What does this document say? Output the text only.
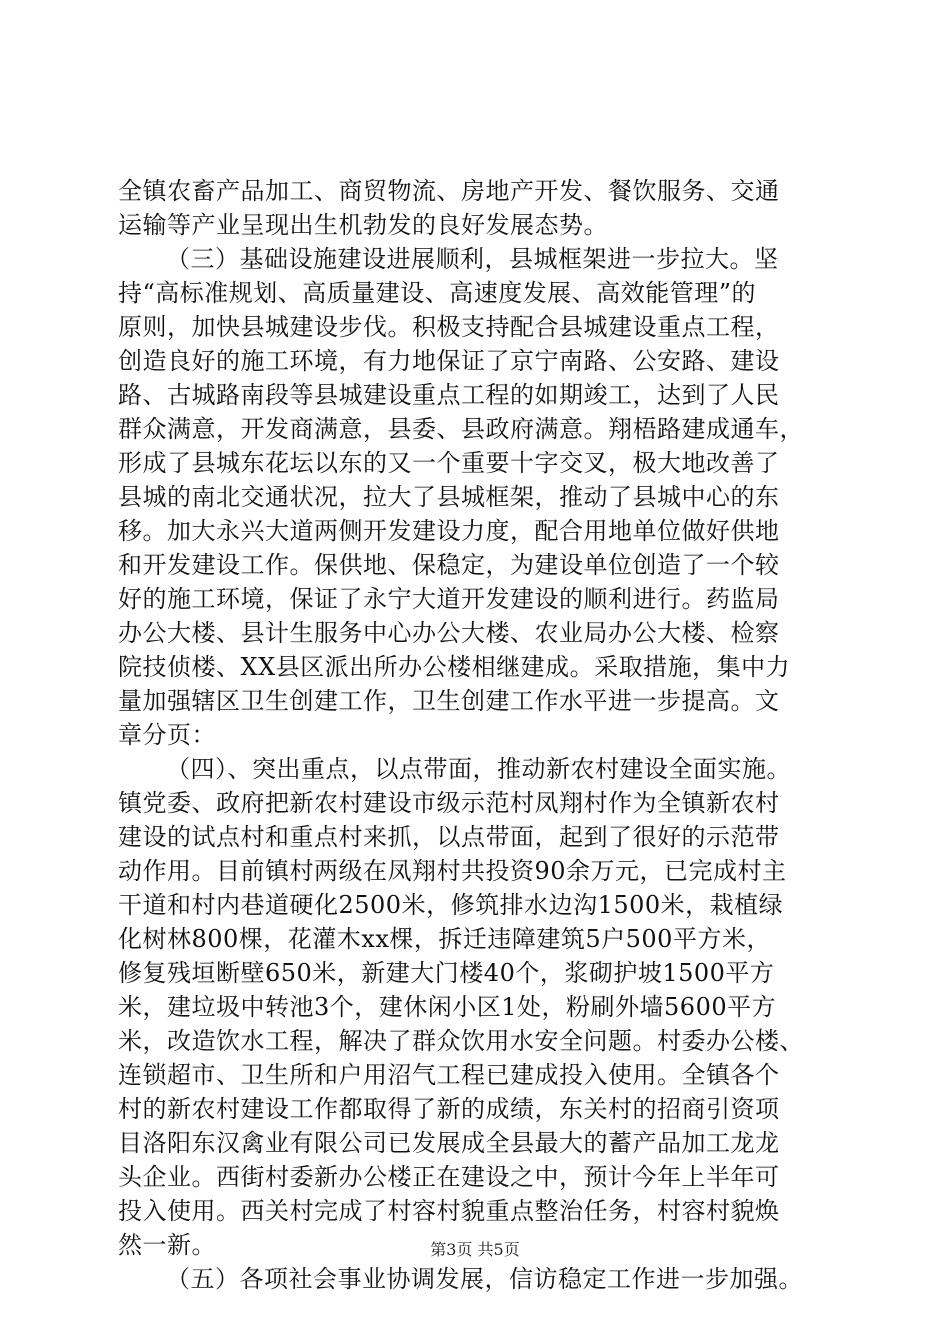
全镇农畜产品加工、商贸物流、房地产开发、餐饮服务、交通
运输等产业呈现出生机勃发的良好发展态势。
（三）基础设施建设进展顺利，县城框架进一步拉大。坚
持“高标准规划、高质量建设、高速度发展、高效能管理”的
原则，加快县城建设步伐。积极支持配合县城建设重点工程，
创造良好的施工环境，有力地保证了京宁南路、公安路、建设
路、古城路南段等县城建设重点工程的如期竣工，达到了人民
群众满意，开发商满意，县委、县政府满意。翔梧路建成通车，
形成了县城东花坛以东的又一个重要十字交叉，极大地改善了
县城的南北交通状况，拉大了县城框架，推动了县城中心的东
移。加大永兴大道两侧开发建设力度，配合用地单位做好供地
和开发建设工作。保供地、保稳定，为建设单位创造了一个较
好的施工环境，保证了永宁大道开发建设的顺利进行。药监局
办公大楼、县计生服务中心办公大楼、农业局办公大楼、检察
院技侦楼、XX县区派出所办公楼相继建成。采取措施，集中力
量加强辖区卫生创建工作，卫生创建工作水平进一步提高。文
章分页：
（四）、突出重点，以点带面，推动新农村建设全面实施。
镇党委、政府把新农村建设市级示范村凤翔村作为全镇新农村
建设的试点村和重点村来抓，以点带面，起到了很好的示范带
动作用。目前镇村两级在凤翔村共投资90余万元，已完成村主
干道和村内巷道硬化2500米，修筑排水边沟1500米，栽植绿
化树林800棵，花灌木xx棵，拆迁违障建筑5户500平方米，
修复残垣断壁650米，新建大门楼40个，浆砌护坡1500平方
米，建垃圾中转池3个，建休闲小区1处，粉刷外墙5600平方
米，改造饮水工程，解决了群众饮用水安全问题。村委办公楼、
连锁超市、卫生所和户用沼气工程已建成投入使用。全镇各个
村的新农村建设工作都取得了新的成绩，东关村的招商引资项
目洛阳东汉禽业有限公司已发展成全县最大的蓄产品加工龙龙
头企业。西街村委新办公楼正在建设之中，预计今年上半年可
投入使用。西关村完成了村容村貌重点整治任务，村容村貌焕
然一新。
（五）各项社会事业协调发展，信访稳定工作进一步加强。
第3页 共5页
